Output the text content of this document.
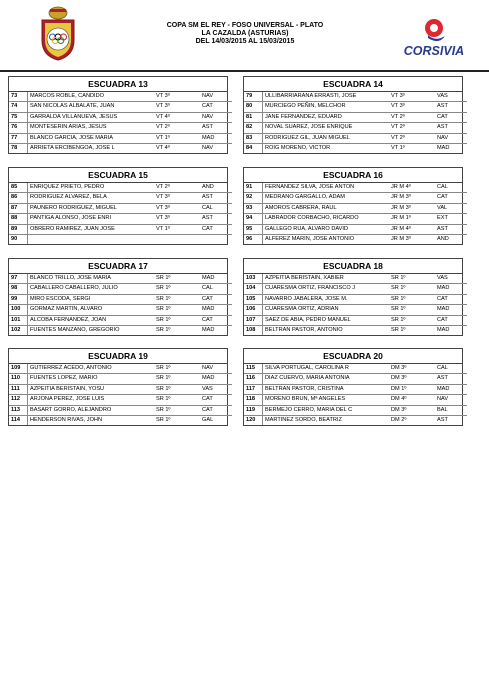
COPA SM EL REY - FOSO UNIVERSAL - PLATO
LA CAZALDA (ASTURIAS)
DEL 14/03/2015 AL 15/03/2015
CORSIVIA
ESCUADRA 13
73	MARCOS ROBLE, CANDIDO	VT 3º	NAV
74	SAN NICOLAS ALBALATE, JUAN	VT 3º	CAT
75	GARRALDA VILLANUEVA, JESUS	VT 4º	NAV
76	MONTESERIN ARIAS, JESUS	VT 2º	AST
77	BLANCO GARCIA, JOSE MARIA	VT 1º	MAD
78	ARRIETA ERCIBENGOA, JOSE L	VT 4º	NAV
ESCUADRA 14
79	ULLIBARRIARANA ERRASTI, JOSE	VT 3º	VAS
80	MURCIEGO PEÑIN, MELCHOR	VT 3º	AST
81	JANE FERNANDEZ, EDUARD	VT 2º	CAT
82	NOVAL SUAREZ, JOSE ENRIQUE	VT 2º	AST
83	RODRIGUEZ GIL, JUAN MIGUEL	VT 2º	NAV
84	ROIG MORENO, VICTOR	VT 1º	MAD
ESCUADRA 15
85	ENRIQUEZ PRIETO, PEDRO	VT 2º	AND
86	RODRIGUEZ ALVAREZ, BELA	VT 3º	AST
87	PAUNERO RODRIGUEZ, MIGUEL	VT 3º	CAL
88	PANTIGA ALONSO, JOSE ENRI	VT 3º	AST
89	OBRERO RAMIREZ, JUAN JOSE	VT 1º	CAT
90			
ESCUADRA 16
91	FERNANDEZ SILVA, JOSE ANTON	JR M 4º	CAL
92	MEDRANO GARGALLO, ADAM	JR M 3º	CAT
93	AMOROS CABRERA, RAUL	JR M 3º	VAL
94	LABRADOR CORBACHO, RICARDO	JR M 1º	EXT
95	GALLEGO RUA, ALVARO DAVID	JR M 4º	AST
96	ALFEREZ MARIN, JOSE ANTONIO	JR M 3º	AND
ESCUADRA 17
97	BLANCO TRILLO, JOSE MARIA	SR 1º	MAD
98	CABALLERO CABALLERO, JULIO	SR 1º	CAL
99	MIRO ESCODA, SERGI	SR 1º	CAT
100	GORMAZ MARTIN, ALVARO	SR 1º	MAD
101	ALCOBA FERNANDEZ, JOAN	SR 1º	CAT
102	FUENTES MANZANO, GREGORIO	SR 1º	MAD
ESCUADRA 18
103	AZPEITIA BERISTAIN, XABIER	SR 1º	VAS
104	CUARESMA ORTIZ, FRANCISCO J	SR 1º	MAD
105	NAVARRO JABALERA, JOSE M.	SR 1º	CAT
106	CUARESMA ORTIZ, ADRIAN	SR 1º	MAD
107	SAEZ DE ABIA, PEDRO MANUEL	SR 1º	CAT
108	BELTRAN PASTOR, ANTONIO	SR 1º	MAD
ESCUADRA 19
109	GUTIERREZ ACEDO, ANTONIO	SR 1º	NAV
110	FUENTES LOPEZ, MARIO	SR 1º	MAD
111	AZPEITIA BERISTAIN, YOSU	SR 1º	VAS
112	ARJONA PEREZ, JOSE LUIS	SR 1º	CAT
113	BASART GORRO, ALEJANDRO	SR 1º	CAT
114	HENDERSON RIVAS, JOHN	SR 1º	GAL
ESCUADRA 20
115	SILVA PORTUGAL, CAROLINA R	DM 3º	CAL
116	DIAZ CUERVO, MARIA ANTONIA	DM 3º	AST
117	BELTRAN PASTOR, CRISTINA	DM 1º	MAD
118	MORENO BRUN, Mª ANGELES	DM 4º	NAV
119	BERMEJO CERRO, MARIA DEL C	DM 3º	BAL
120	MARTINEZ SORDO, BEATRIZ	DM 2º	AST
